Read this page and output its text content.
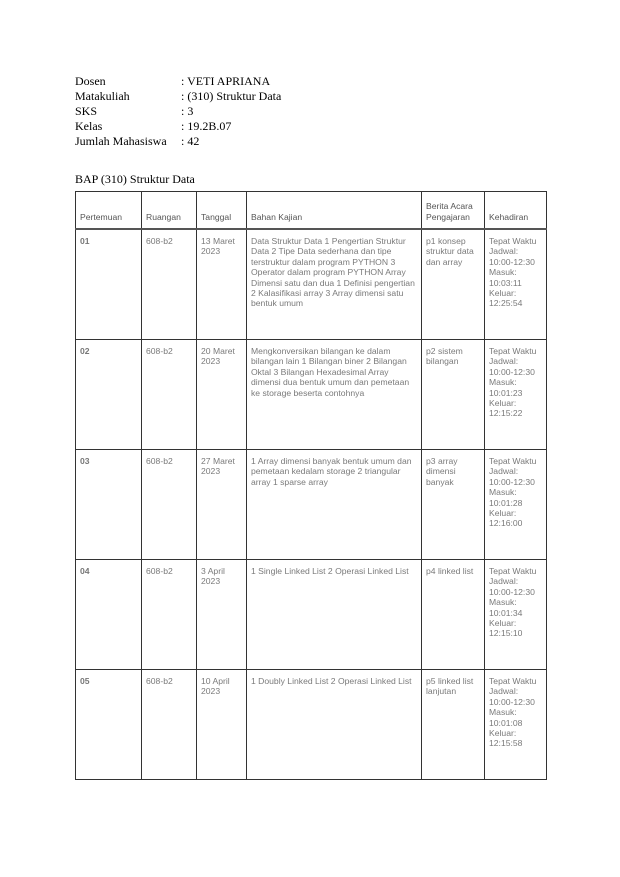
Dosen	: VETI APRIANA
Matakuliah	: (310) Struktur Data
SKS	: 3
Kelas	: 19.2B.07
Jumlah Mahasiswa	: 42
BAP (310) Struktur Data
Pertemuan	Ruangan	Tanggal	Bahan Kajian	Berita Acara Pengajaran	Kehadiran
01	608-b2	13 Maret 2023	Data Struktur Data 1 Pengertian Struktur Data 2 Tipe Data sederhana dan tipe terstruktur dalam program PYTHON 3 Operator dalam program PYTHON Array Dimensi satu dan dua 1 Definisi pengertian 2 Kalasifikasi array 3 Array dimensi satu bentuk umum	p1 konsep struktur data dan array	Tepat Waktu Jadwal: 10:00-12:30 Masuk: 10:03:11 Keluar: 12:25:54
02	608-b2	20 Maret 2023	Mengkonversikan bilangan ke dalam bilangan lain 1 Bilangan biner 2 Bilangan Oktal 3 Bilangan Hexadesimal Array dimensi dua bentuk umum dan pemetaan ke storage beserta contohnya	p2 sistem bilangan	Tepat Waktu Jadwal: 10:00-12:30 Masuk: 10:01:23 Keluar: 12:15:22
03	608-b2	27 Maret 2023	1 Array dimensi banyak bentuk umum dan pemetaan kedalam storage 2 triangular array 1 sparse array	p3 array dimensi banyak	Tepat Waktu Jadwal: 10:00-12:30 Masuk: 10:01:28 Keluar: 12:16:00
04	608-b2	3 April 2023	1 Single Linked List 2 Operasi Linked List	p4 linked list	Tepat Waktu Jadwal: 10:00-12:30 Masuk: 10:01:34 Keluar: 12:15:10
05	608-b2	10 April 2023	1 Doubly Linked List 2 Operasi Linked List	p5 linked list lanjutan	Tepat Waktu Jadwal: 10:00-12:30 Masuk: 10:01:08 Keluar: 12:15:58
